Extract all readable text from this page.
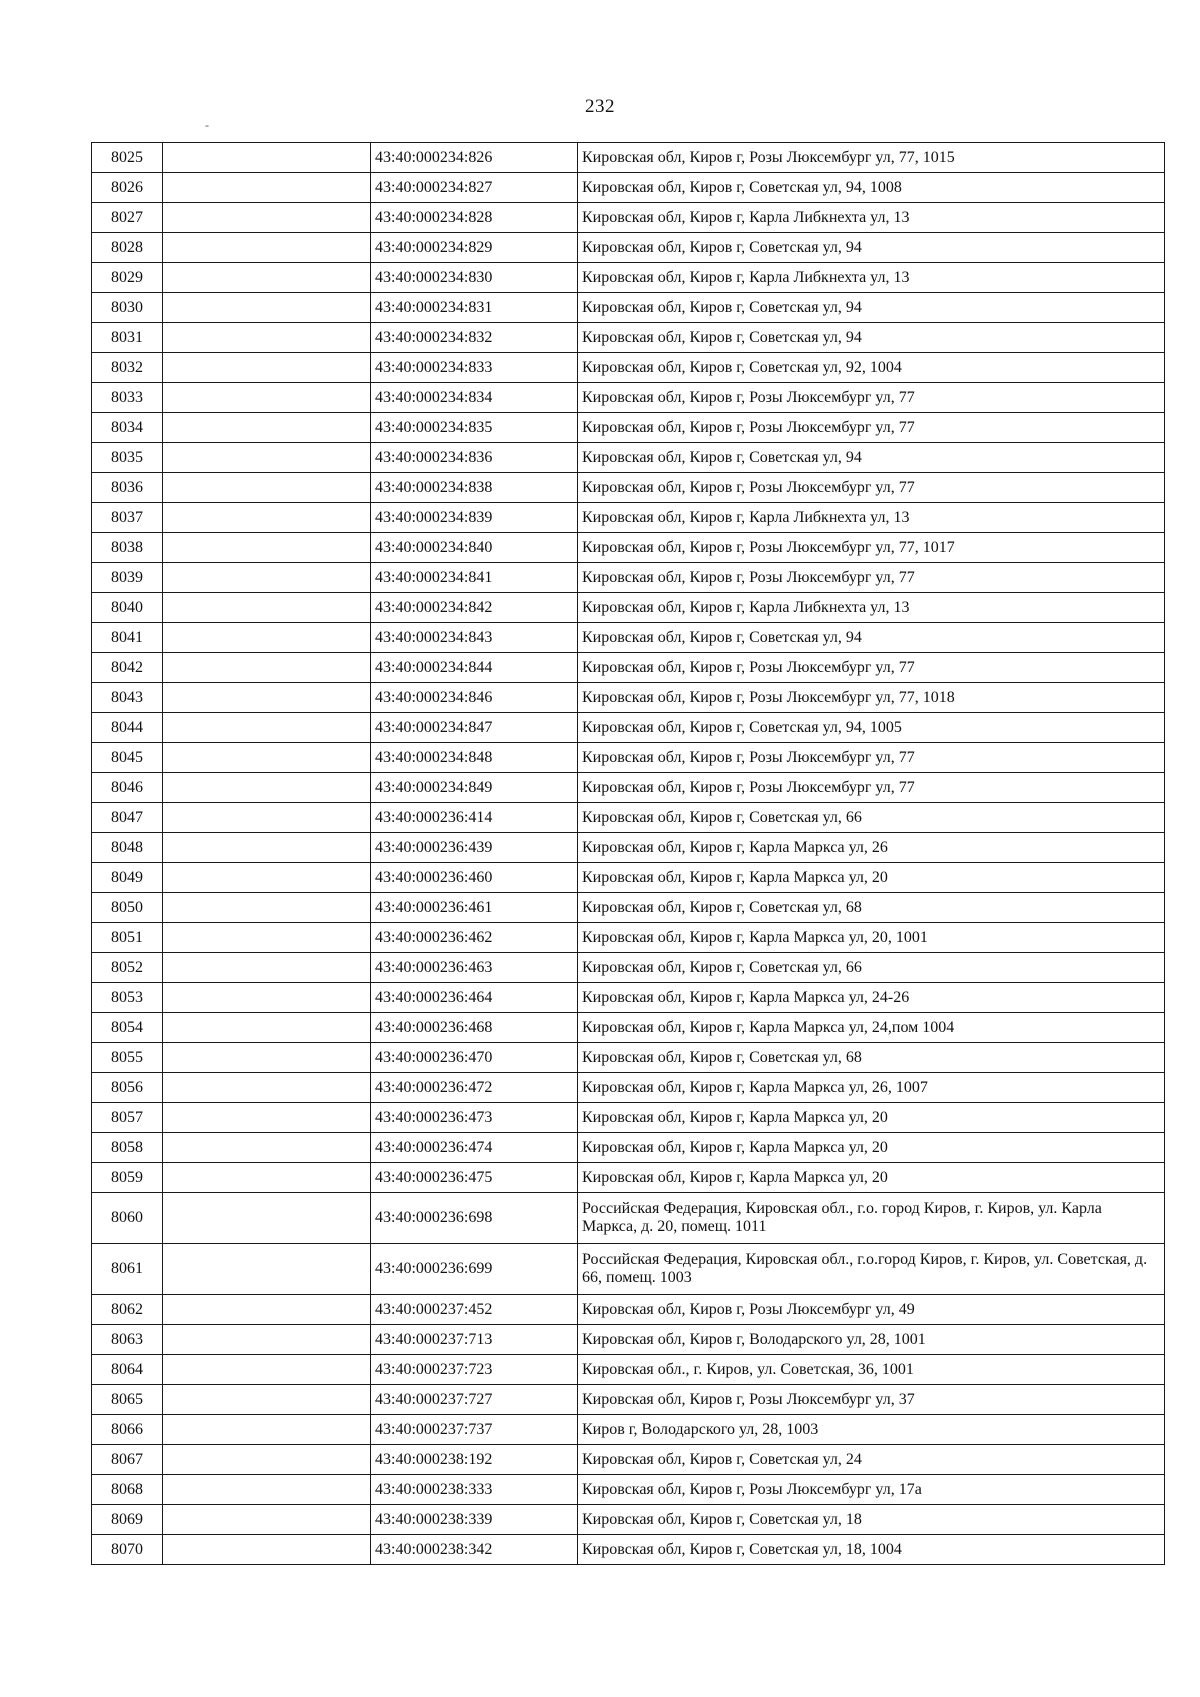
232
-
8025		43:40:000234:826	Кировская обл, Киров г, Розы Люксембург ул, 77, 1015
8026		43:40:000234:827	Кировская обл, Киров г, Советская ул, 94, 1008
8027		43:40:000234:828	Кировская обл, Киров г, Карла Либкнехта ул, 13
8028		43:40:000234:829	Кировская обл, Киров г, Советская ул, 94
8029		43:40:000234:830	Кировская обл, Киров г, Карла Либкнехта ул, 13
8030		43:40:000234:831	Кировская обл, Киров г, Советская ул, 94
8031		43:40:000234:832	Кировская обл, Киров г, Советская ул, 94
8032		43:40:000234:833	Кировская обл, Киров г, Советская ул, 92, 1004
8033		43:40:000234:834	Кировская обл, Киров г, Розы Люксембург ул, 77
8034		43:40:000234:835	Кировская обл, Киров г, Розы Люксембург ул, 77
8035		43:40:000234:836	Кировская обл, Киров г, Советская ул, 94
8036		43:40:000234:838	Кировская обл, Киров г, Розы Люксембург ул, 77
8037		43:40:000234:839	Кировская обл, Киров г, Карла Либкнехта ул, 13
8038		43:40:000234:840	Кировская обл, Киров г, Розы Люксембург ул, 77, 1017
8039		43:40:000234:841	Кировская обл, Киров г, Розы Люксембург ул, 77
8040		43:40:000234:842	Кировская обл, Киров г, Карла Либкнехта ул, 13
8041		43:40:000234:843	Кировская обл, Киров г, Советская ул, 94
8042		43:40:000234:844	Кировская обл, Киров г, Розы Люксембург ул, 77
8043		43:40:000234:846	Кировская обл, Киров г, Розы Люксембург ул, 77, 1018
8044		43:40:000234:847	Кировская обл, Киров г, Советская ул, 94, 1005
8045		43:40:000234:848	Кировская обл, Киров г, Розы Люксембург ул, 77
8046		43:40:000234:849	Кировская обл, Киров г, Розы Люксембург ул, 77
8047		43:40:000236:414	Кировская обл, Киров г, Советская ул, 66
8048		43:40:000236:439	Кировская обл, Киров г, Карла Маркса ул, 26
8049		43:40:000236:460	Кировская обл, Киров г, Карла Маркса ул, 20
8050		43:40:000236:461	Кировская обл, Киров г, Советская ул, 68
8051		43:40:000236:462	Кировская обл, Киров г, Карла Маркса ул, 20, 1001
8052		43:40:000236:463	Кировская обл, Киров г, Советская ул, 66
8053		43:40:000236:464	Кировская обл, Киров г, Карла Маркса ул, 24-26
8054		43:40:000236:468	Кировская обл, Киров г, Карла Маркса ул, 24,пом 1004
8055		43:40:000236:470	Кировская обл, Киров г, Советская ул, 68
8056		43:40:000236:472	Кировская обл, Киров г, Карла Маркса ул, 26, 1007
8057		43:40:000236:473	Кировская обл, Киров г, Карла Маркса ул, 20
8058		43:40:000236:474	Кировская обл, Киров г, Карла Маркса ул, 20
8059		43:40:000236:475	Кировская обл, Киров г, Карла Маркса ул, 20
8060		43:40:000236:698	Российская Федерация, Кировская обл., г.о. город Киров, г. Киров, ул. Карла Маркса, д. 20, помещ. 1011
8061		43:40:000236:699	Российская Федерация, Кировская обл., г.о.город Киров, г. Киров, ул. Советская, д. 66, помещ. 1003
8062		43:40:000237:452	Кировская обл, Киров г, Розы Люксембург ул, 49
8063		43:40:000237:713	Кировская обл, Киров г, Володарского ул, 28, 1001
8064		43:40:000237:723	Кировская обл., г. Киров, ул. Советская, 36, 1001
8065		43:40:000237:727	Кировская обл, Киров г, Розы Люксембург ул, 37
8066		43:40:000237:737	Киров г, Володарского ул, 28, 1003
8067		43:40:000238:192	Кировская обл, Киров г, Советская ул, 24
8068		43:40:000238:333	Кировская обл, Киров г, Розы Люксембург ул, 17а
8069		43:40:000238:339	Кировская обл, Киров г, Советская ул, 18
8070		43:40:000238:342	Кировская обл, Киров г, Советская ул, 18, 1004
